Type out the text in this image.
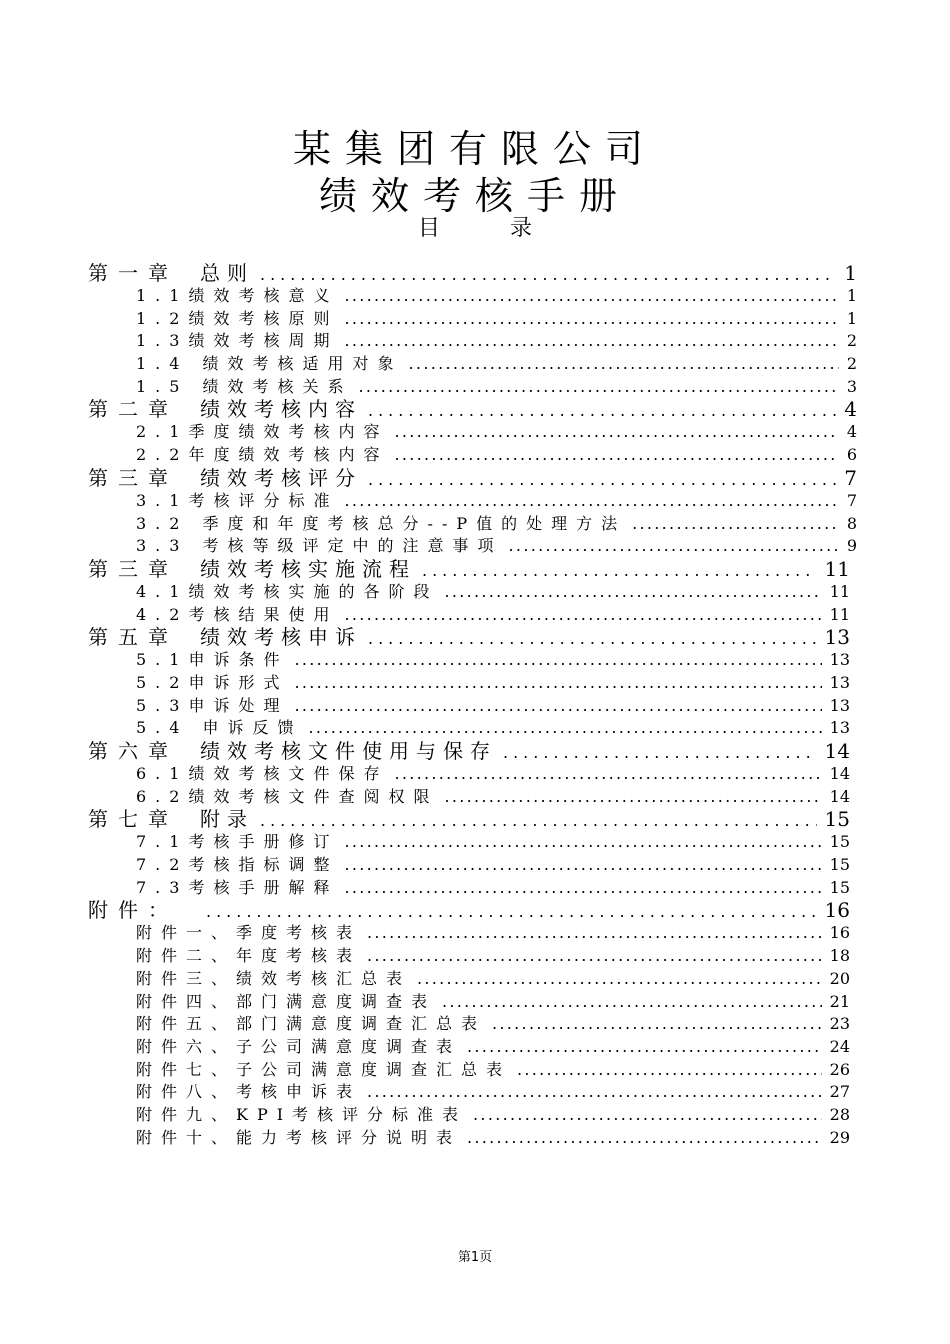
某集团有限公司
绩效考核手册
目录
第一章 总则 .....	1
1.1绩效考核意义 .....	1
1.2绩效考核原则 .....	1
1.3绩效考核周期 .....	2
1.4 绩效考核适用对象 .....	2
1.5 绩效考核关系 .....	3
第二章 绩效考核内容 .....	4
2.1季度绩效考核内容 .....	4
2.2年度绩效考核内容 .....	6
第三章 绩效考核评分 .....	7
3.1考核评分标准 .....	7
3.2 季度和年度考核总分--P值的处理方法 .....	8
3.3 考核等级评定中的注意事项 .....	9
第三章 绩效考核实施流程 .....	11
4.1绩效考核实施的各阶段 .....	11
4.2考核结果使用 .....	11
第五章 绩效考核申诉 .....	13
5.1申诉条件 .....	13
5.2申诉形式 .....	13
5.3申诉处理 .....	13
5.4 申诉反馈 .....	13
第六章 绩效考核文件使用与保存 .....	14
6.1绩效考核文件保存 .....	14
6.2绩效考核文件查阅权限 .....	14
第七章 附录 .....	15
7.1考核手册修订 .....	15
7.2考核指标调整 .....	15
7.3考核手册解释 .....	15
附件： .....	16
附件一、季度考核表 .....	16
附件二、年度考核表 .....	18
附件三、绩效考核汇总表 .....	20
附件四、部门满意度调查表 .....	21
附件五、部门满意度调查汇总表 .....	23
附件六、子公司满意度调查表 .....	24
附件七、子公司满意度调查汇总表 .....	26
附件八、考核申诉表 .....	27
附件九、KPI考核评分标准表 .....	28
附件十、能力考核评分说明表 .....	29
第1页
